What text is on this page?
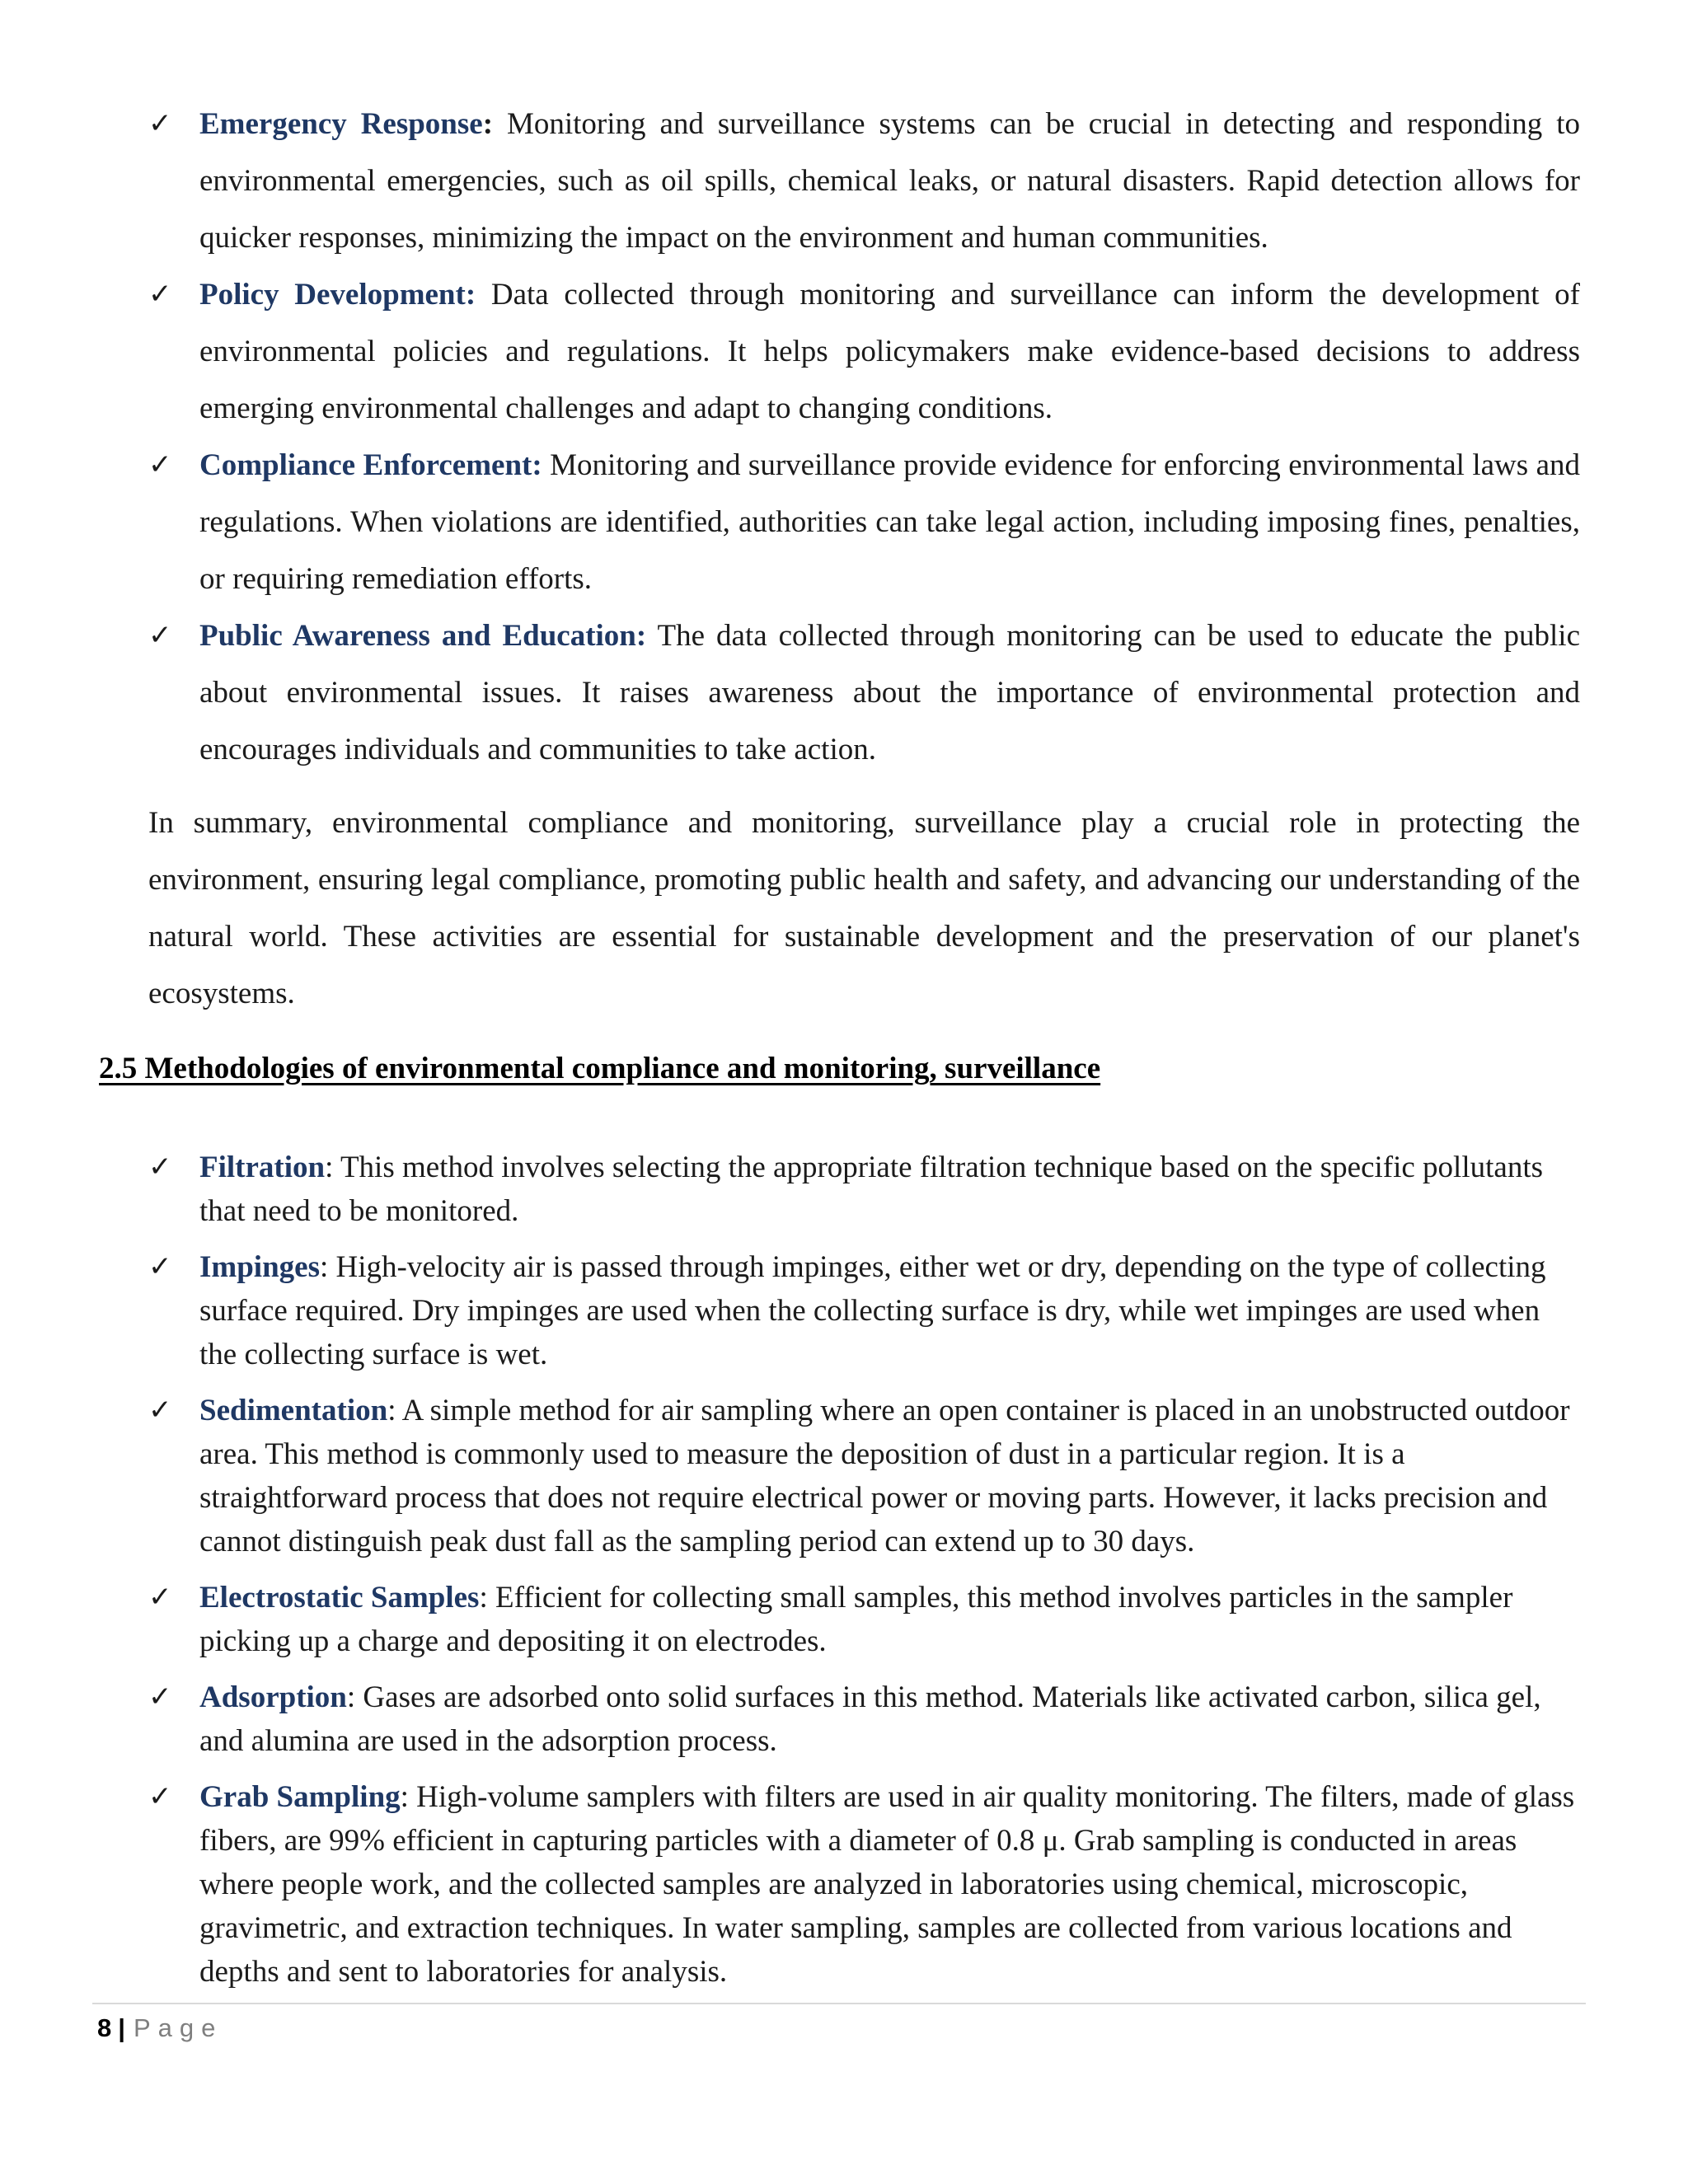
✓ Emergency Response: Monitoring and surveillance systems can be crucial in detecting and responding to environmental emergencies, such as oil spills, chemical leaks, or natural disasters. Rapid detection allows for quicker responses, minimizing the impact on the environment and human communities.
✓ Policy Development: Data collected through monitoring and surveillance can inform the development of environmental policies and regulations. It helps policymakers make evidence-based decisions to address emerging environmental challenges and adapt to changing conditions.
✓ Compliance Enforcement: Monitoring and surveillance provide evidence for enforcing environmental laws and regulations. When violations are identified, authorities can take legal action, including imposing fines, penalties, or requiring remediation efforts.
✓ Public Awareness and Education: The data collected through monitoring can be used to educate the public about environmental issues. It raises awareness about the importance of environmental protection and encourages individuals and communities to take action.

In summary, environmental compliance and monitoring, surveillance play a crucial role in protecting the environment, ensuring legal compliance, promoting public health and safety, and advancing our understanding of the natural world. These activities are essential for sustainable development and the preservation of our planet's ecosystems.

2.5 Methodologies of environmental compliance and monitoring, surveillance
✓ Filtration: This method involves selecting the appropriate filtration technique based on the specific pollutants that need to be monitored.
✓ Impinges: High-velocity air is passed through impinges, either wet or dry, depending on the type of collecting surface required. Dry impinges are used when the collecting surface is dry, while wet impinges are used when the collecting surface is wet.
✓ Sedimentation: A simple method for air sampling where an open container is placed in an unobstructed outdoor area. This method is commonly used to measure the deposition of dust in a particular region. It is a straightforward process that does not require electrical power or moving parts. However, it lacks precision and cannot distinguish peak dust fall as the sampling period can extend up to 30 days.
✓ Electrostatic Samples: Efficient for collecting small samples, this method involves particles in the sampler picking up a charge and depositing it on electrodes.
✓ Adsorption: Gases are adsorbed onto solid surfaces in this method. Materials like activated carbon, silica gel, and alumina are used in the adsorption process.
✓ Grab Sampling: High-volume samplers with filters are used in air quality monitoring. The filters, made of glass fibers, are 99% efficient in capturing particles with a diameter of 0.8 μ. Grab sampling is conducted in areas where people work, and the collected samples are analyzed in laboratories using chemical, microscopic, gravimetric, and extraction techniques. In water sampling, samples are collected from various locations and depths and sent to laboratories for analysis.
8 | Page
